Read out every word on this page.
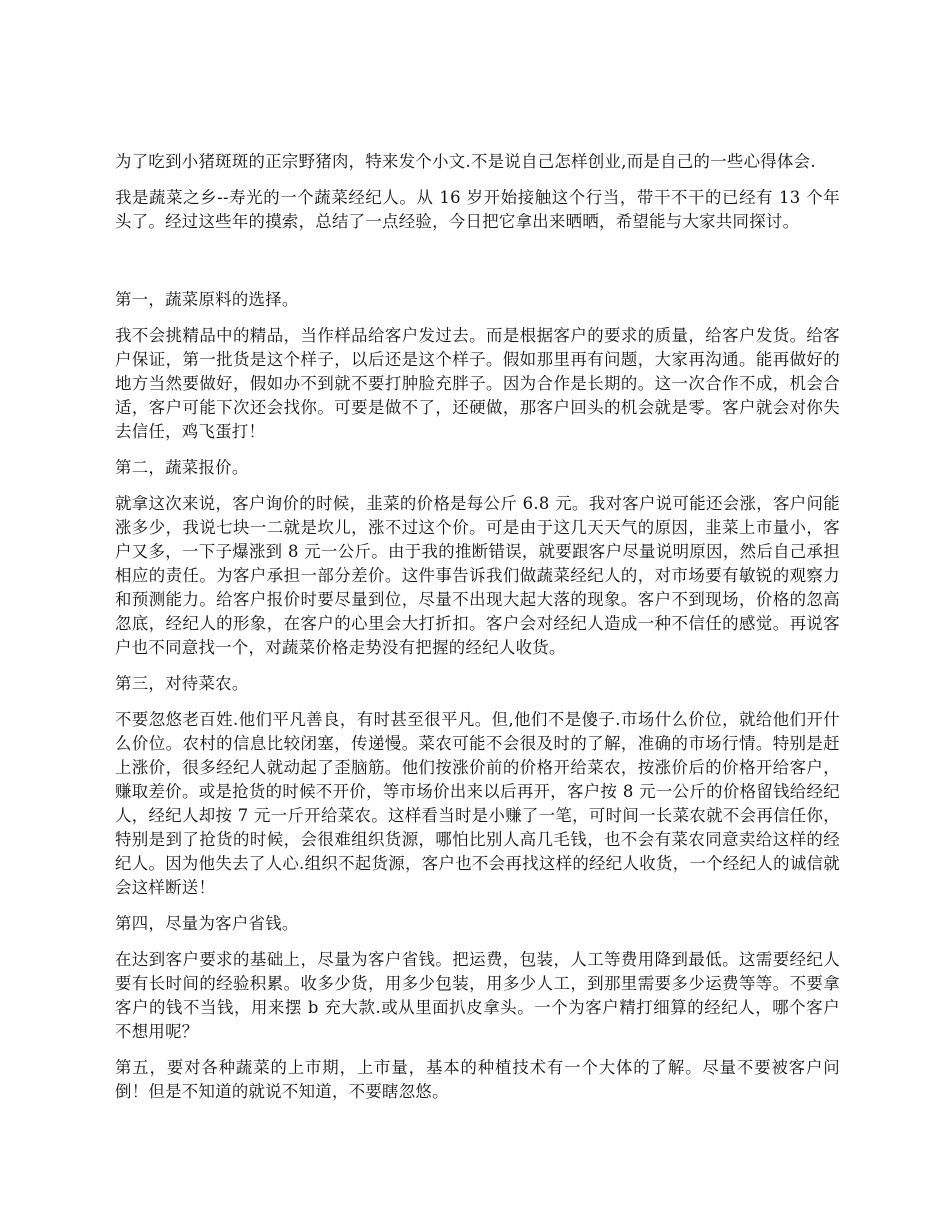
为了吃到小猪斑斑的正宗野猪肉，特来发个小文.不是说自己怎样创业,而是自己的一些心得体会.

我是蔬菜之乡--寿光的一个蔬菜经纪人。从 16 岁开始接触这个行当，带干不干的已经有 13 个年头了。经过这些年的摸索，总结了一点经验，今日把它拿出来晒晒，希望能与大家共同探讨。

第一，蔬菜原料的选择。

我不会挑精品中的精品，当作样品给客户发过去。而是根据客户的要求的质量，给客户发货。给客户保证，第一批货是这个样子，以后还是这个样子。假如那里再有问题，大家再沟通。能再做好的地方当然要做好，假如办不到就不要打肿脸充胖子。因为合作是长期的。这一次合作不成，机会合适，客户可能下次还会找你。可要是做不了，还硬做，那客户回头的机会就是零。客户就会对你失去信任，鸡飞蛋打！

第二，蔬菜报价。

就拿这次来说，客户询价的时候，韭菜的价格是每公斤 6.8 元。我对客户说可能还会涨，客户问能涨多少，我说七块一二就是坎儿，涨不过这个价。可是由于这几天天气的原因，韭菜上市量小，客户又多，一下子爆涨到 8 元一公斤。由于我的推断错误，就要跟客户尽量说明原因，然后自己承担相应的责任。为客户承担一部分差价。这件事告诉我们做蔬菜经纪人的，对市场要有敏锐的观察力和预测能力。给客户报价时要尽量到位，尽量不出现大起大落的现象。客户不到现场，价格的忽高忽底，经纪人的形象，在客户的心里会大打折扣。客户会对经纪人造成一种不信任的感觉。再说客户也不同意找一个，对蔬菜价格走势没有把握的经纪人收货。

第三，对待菜农。

不要忽悠老百姓.他们平凡善良，有时甚至很平凡。但,他们不是傻子.市场什么价位，就给他们开什么价位。农村的信息比较闭塞，传递慢。菜农可能不会很及时的了解，准确的市场行情。特别是赶上涨价，很多经纪人就动起了歪脑筋。他们按涨价前的价格开给菜农，按涨价后的价格开给客户，赚取差价。或是抢货的时候不开价，等市场价出来以后再开，客户按 8 元一公斤的价格留钱给经纪人，经纪人却按 7 元一斤开给菜农。这样看当时是小赚了一笔，可时间一长菜农就不会再信任你，特别是到了抢货的时候，会很难组织货源，哪怕比别人高几毛钱，也不会有菜农同意卖给这样的经纪人。因为他失去了人心.组织不起货源，客户也不会再找这样的经纪人收货，一个经纪人的诚信就会这样断送！

第四，尽量为客户省钱。

在达到客户要求的基础上，尽量为客户省钱。把运费，包装，人工等费用降到最低。这需要经纪人要有长时间的经验积累。收多少货，用多少包装，用多少人工，到那里需要多少运费等等。不要拿客户的钱不当钱，用来摆 b 充大款.或从里面扒皮拿头。一个为客户精打细算的经纪人，哪个客户不想用呢？

第五，要对各种蔬菜的上市期，上市量，基本的种植技术有一个大体的了解。尽量不要被客户问倒！但是不知道的就说不知道，不要瞎忽悠。
